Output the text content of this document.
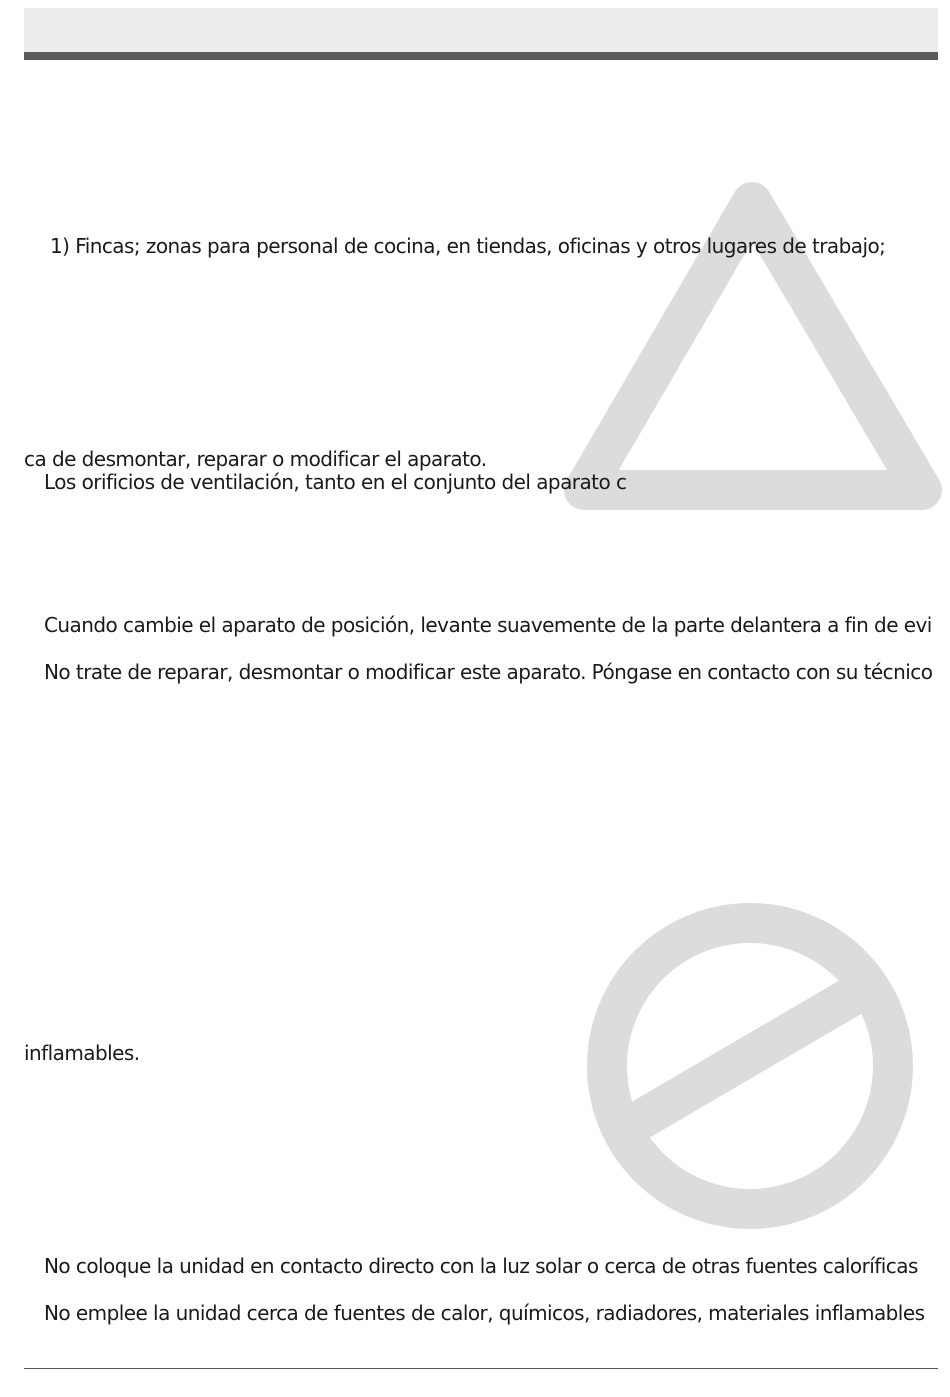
1) Fincas; zonas para personal de cocina, en tiendas, oficinas y otros lugares de trabajo;
ca de desmontar, reparar o modificar el aparato.
Los orificios de ventilación, tanto en el conjunto del aparato c
Cuando cambie el aparato de posición, levante suavemente de la parte delantera a fin de evi
No trate de reparar, desmontar o modificar este aparato. Póngase en contacto con su técnico
inflamables.
No coloque la unidad en contacto directo con la luz solar o cerca de otras fuentes caloríficas
No emplee la unidad cerca de fuentes de calor, químicos, radiadores, materiales inflamables
